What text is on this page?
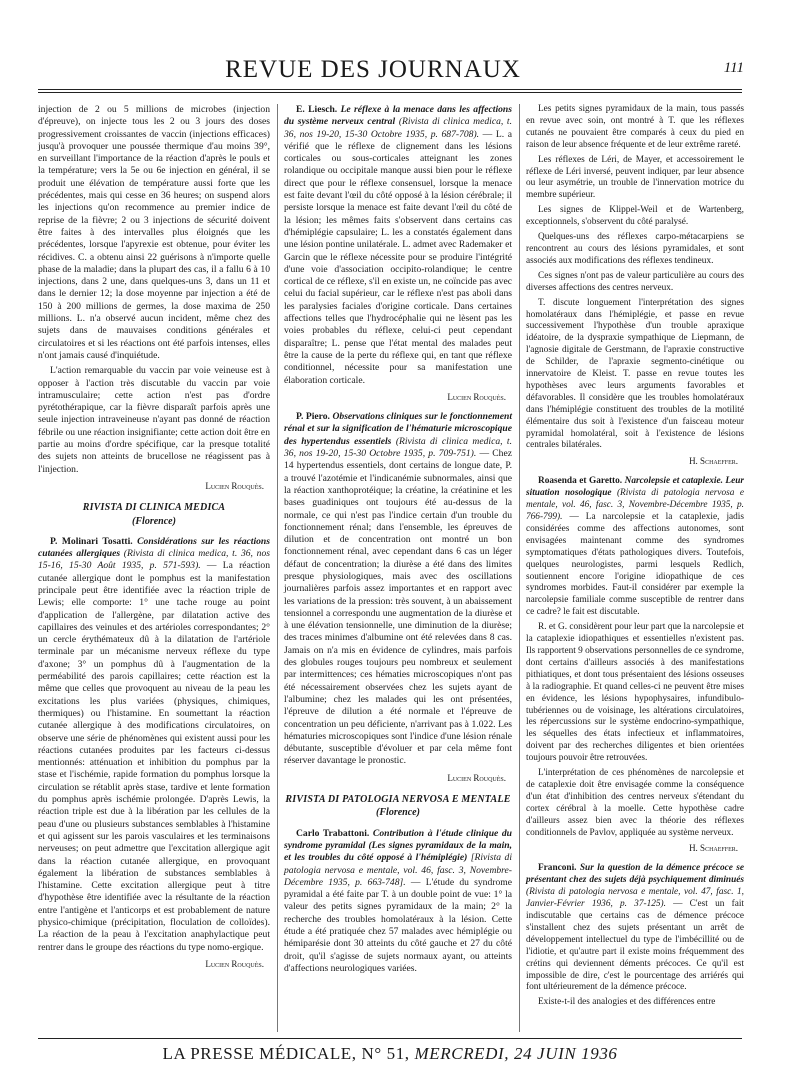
REVUE DES JOURNAUX	111

injection de 2 ou 5 millions de microbes (injection d'épreuve), on injecte tous les 2 ou 3 jours des doses progressivement croissantes de vaccin (injections efficaces) jusqu'à provoquer une poussée thermique d'au moins 39°, en surveillant l'importance de la réaction d'après le pouls et la température; vers la 5e ou 6e injection en général, il se produit une élévation de température aussi forte que les précédentes, mais qui cesse en 36 heures; on suspend alors les injections qu'on recommence au premier indice de reprise de la fièvre; 2 ou 3 injections de sécurité doivent être faites à des intervalles plus éloignés que les précédentes, lorsque l'apyrexie est obtenue, pour éviter les récidives. C. a obtenu ainsi 22 guérisons à n'importe quelle phase de la maladie; dans la plupart des cas, il a fallu 6 à 10 injections, dans 2 une, dans quelques-uns 3, dans un 11 et dans le dernier 12; la dose moyenne par injection a été de 150 à 200 millions de germes, la dose maxima de 250 millions. L. n'a observé aucun incident, même chez des sujets dans de mauvaises conditions générales et circulatoires et si les réactions ont été parfois intenses, elles n'ont jamais causé d'inquiétude.

L'action remarquable du vaccin par voie veineuse est à opposer à l'action très discutable du vaccin par voie intramusculaire; cette action n'est pas d'ordre pyrétothérapique, car la fièvre disparaît parfois après une seule injection intraveineuse n'ayant pas donné de réaction fébrile ou une réaction insignifiante; cette action doit être en partie au moins d'ordre spécifique, car la presque totalité des sujets non atteints de brucellose ne réagissent pas à l'injection.

Lucien Rouquès.
RIVISTA DI CLINICA MEDICA
(Florence)

P. Molinari Tosatti. Considérations sur les réactions cutanées allergiques (Rivista di clinica medica, t. 36, nos 15-16, 15-30 Août 1935, p. 571-593). — La réaction cutanée allergique dont le pomphus est la manifestation principale peut être identifiée avec la réaction triple de Lewis; elle comporte: 1° une tache rouge au point d'application de l'allergène, par dilatation active des capillaires des veinules et des artérioles correspondantes; 2° un cercle érythémateux dû à la dilatation de l'artériole terminale par un mécanisme nerveux réflexe du type d'axone; 3° un pomphus dû à l'augmentation de la perméabilité des parois capillaires; cette réaction est la même que celles que provoquent au niveau de la peau les excitations les plus variées (physiques, chimiques, thermiques) ou l'histamine. En soumettant la réaction cutanée allergique à des modifications circulatoires, on observe une série de phénomènes qui existent aussi pour les réactions cutanées produites par les facteurs ci-dessus mentionnés: atténuation et inhibition du pomphus par la stase et l'ischémie, rapide formation du pomphus lorsque la circulation se rétablit après stase, tardive et lente formation du pomphus après ischémie prolongée. D'après Lewis, la réaction triple est due à la libération par les cellules de la peau d'une ou plusieurs substances semblables à l'histamine et qui agissent sur les parois vasculaires et les terminaisons nerveuses; on peut admettre que l'excitation allergique agit dans la réaction cutanée allergique, en provoquant également la libération de substances semblables à l'histamine. Cette excitation allergique peut à titre d'hypothèse être identifiée avec la résultante de la réaction entre l'antigène et l'anticorps et est probablement de nature physico-chimique (précipitation, floculation de colloïdes). La réaction de la peau à l'excitation anaphylactique peut rentrer dans le groupe des réactions du type nomo-ergique.

Lucien Rouquès.

E. Liesch. Le réflexe à la menace dans les affections du système nerveux central (Rivista di clinica medica, t. 36, nos 19-20, 15-30 Octobre 1935, p. 687-708). — L. a vérifié que le réflexe de clignement dans les lésions corticales ou sous-corticales atteignant les zones rolandique ou occipitale manque aussi bien pour le réflexe direct que pour le réflexe consensuel, lorsque la menace est faite devant l'œil du côté opposé à la lésion cérébrale; il persiste lorsque la menace est faite devant l'œil du côté de la lésion; les mêmes faits s'observent dans certains cas d'hémiplégie capsulaire; L. les a constatés également dans une lésion pontine unilatérale. L. admet avec Rademaker et Garcin que le réflexe nécessite pour se produire l'intégrité d'une voie d'association occipito-rolandique; le centre cortical de ce réflexe, s'il en existe un, ne coïncide pas avec celui du facial supérieur, car le réflexe n'est pas aboli dans les paralysies faciales d'origine corticale. Dans certaines affections telles que l'hydrocéphalie qui ne lèsent pas les voies probables du réflexe, celui-ci peut cependant disparaître; L. pense que l'état mental des malades peut être la cause de la perte du réflexe qui, en tant que réflexe conditionnel, nécessite pour sa manifestation une élaboration corticale.

Lucien Rouquès.

P. Piero. Observations cliniques sur le fonctionnement rénal et sur la signification de l'hématurie microscopique des hypertendus essentiels (Rivista di clinica medica, t. 36, nos 19-20, 15-30 Octobre 1935, p. 709-751). — Chez 14 hypertendus essentiels, dont certains de longue date, P. a trouvé l'azotémie et l'indicanémie subnormales, ainsi que la réaction xanthoprotéique; la créatine, la créatinine et les bases guadiniques ont toujours été au-dessus de la normale, ce qui n'est pas l'indice certain d'un trouble du fonctionnement rénal; dans l'ensemble, les épreuves de dilution et de concentration ont montré un bon fonctionnement rénal, avec cependant dans 6 cas un léger défaut de concentration; la diurèse a été dans des limites presque physiologiques, mais avec des oscillations journalières parfois assez importantes et en rapport avec les variations de la pression: très souvent, à un abaissement tensionnel a correspondu une augmentation de la diurèse et à une élévation tensionnelle, une diminution de la diurèse; des traces minimes d'albumine ont été relevées dans 8 cas. Jamais on n'a mis en évidence de cylindres, mais parfois des globules rouges toujours peu nombreux et seulement par intermittences; ces hématies microscopiques n'ont pas été nécessairement observées chez les sujets ayant de l'albumine; chez les malades qui les ont présentées, l'épreuve de dilution a été normale et l'épreuve de concentration un peu déficiente, n'arrivant pas à 1.022. Les hématuries microscopiques sont l'indice d'une lésion rénale débutante, susceptible d'évoluer et par cela même font réserver davantage le pronostic.

Lucien Rouquès.
RIVISTA DI PATOLOGIA NERVOSA E MENTALE
(Florence)

Carlo Trabattoni. Contribution à l'étude clinique du syndrome pyramidal (Les signes pyramidaux de la main, et les troubles du côté opposé à l'hémiplégie) [Rivista di patologia nervosa e mentale, vol. 46, fasc. 3, Novembre-Décembre 1935, p. 663-748]. — L'étude du syndrome pyramidal a été faite par T. à un double point de vue: 1° la valeur des petits signes pyramidaux de la main; 2° la recherche des troubles homolatéraux à la lésion. Cette étude a été pratiquée chez 57 malades avec hémiplégie ou hémiparésie dont 30 atteints du côté gauche et 27 du côté droit, qu'il s'agisse de sujets normaux ayant, ou atteints d'affections neurologiques variées.

Les petits signes pyramidaux de la main, tous passés en revue avec soin, ont montré à T. que les réflexes cutanés ne pouvaient être comparés à ceux du pied en raison de leur absence fréquente et de leur extrême rareté.

Les réflexes de Léri, de Mayer, et accessoirement le réflexe de Léri inversé, peuvent indiquer, par leur absence ou leur asymétrie, un trouble de l'innervation motrice du membre supérieur.

Les signes de Klippel-Weil et de Wartenberg, exceptionnels, s'observent du côté paralysé.

Quelques-uns des réflexes carpo-métacarpiens se rencontrent au cours des lésions pyramidales, et sont associés aux modifications des réflexes tendineux.

Ces signes n'ont pas de valeur particulière au cours des diverses affections des centres nerveux.

T. discute longuement l'interprétation des signes homolatéraux dans l'hémiplégie, et passe en revue successivement l'hypothèse d'un trouble apraxique idéatoire, de la dyspraxie sympathique de Liepmann, de l'agnosie digitale de Gerstmann, de l'apraxie constructive de Schilder, de l'apraxie segmento-cinétique ou innervatoire de Kleist. T. passe en revue toutes les hypothèses avec leurs arguments favorables et défavorables. Il considère que les troubles homolatéraux dans l'hémiplégie constituent des troubles de la motilité élémentaire dus soit à l'existence d'un faisceau moteur pyramidal homolatéral, soit à l'existence de lésions centrales bilatérales.

H. Schaeffer.

Roasenda et Garetto. Narcolepsie et cataplexie. Leur situation nosologique (Rivista di patologia nervosa e mentale, vol. 46, fasc. 3, Novembre-Décembre 1935, p. 766-799). — La narcolepsie et la cataplexie, jadis considérées comme des affections autonomes, sont envisagées maintenant comme des syndromes symptomatiques d'états pathologiques divers. Toutefois, quelques neurologistes, parmi lesquels Redlich, soutiennent encore l'origine idiopathique de ces syndromes morbides. Faut-il considérer par exemple la narcolepsie familiale comme susceptible de rentrer dans ce cadre? le fait est discutable.

R. et G. considèrent pour leur part que la narcolepsie et la cataplexie idiopathiques et essentielles n'existent pas. Ils rapportent 9 observations personnelles de ce syndrome, dont certains d'ailleurs associés à des manifestations pithiatiques, et dont tous présentaient des lésions osseuses à la radiographie. Et quand celles-ci ne peuvent être mises en évidence, les lésions hypophysaires, infundibulo-tubériennes ou de voisinage, les altérations circulatoires, les répercussions sur le système endocrino-sympathique, les séquelles des états infectieux et inflammatoires, doivent par des recherches diligentes et bien orientées toujours pouvoir être retrouvées.

L'interprétation de ces phénomènes de narcolepsie et de cataplexie doit être envisagée comme la conséquence d'un état d'inhibition des centres nerveux s'étendant du cortex cérébral à la moelle. Cette hypothèse cadre d'ailleurs assez bien avec la théorie des réflexes conditionnels de Pavlov, appliquée au système nerveux.

H. Schaeffer.

Franconi. Sur la question de la démence précoce se présentant chez des sujets déjà psychiquement diminués (Rivista di patologia nervosa e mentale, vol. 47, fasc. 1, Janvier-Février 1936, p. 37-125). — C'est un fait indiscutable que certains cas de démence précoce s'installent chez des sujets présentant un arrêt de développement intellectuel du type de l'imbécillité ou de l'idiotie, et qu'autre part il existe moins fréquemment des crétins qui deviennent déments précoces. Ce qu'il est impossible de dire, c'est le pourcentage des arriérés qui font ultérieurement de la démence précoce.

Existe-t-il des analogies et des différences entre

LA PRESSE MÉDICALE, N° 51, MERCREDI, 24 JUIN 1936
